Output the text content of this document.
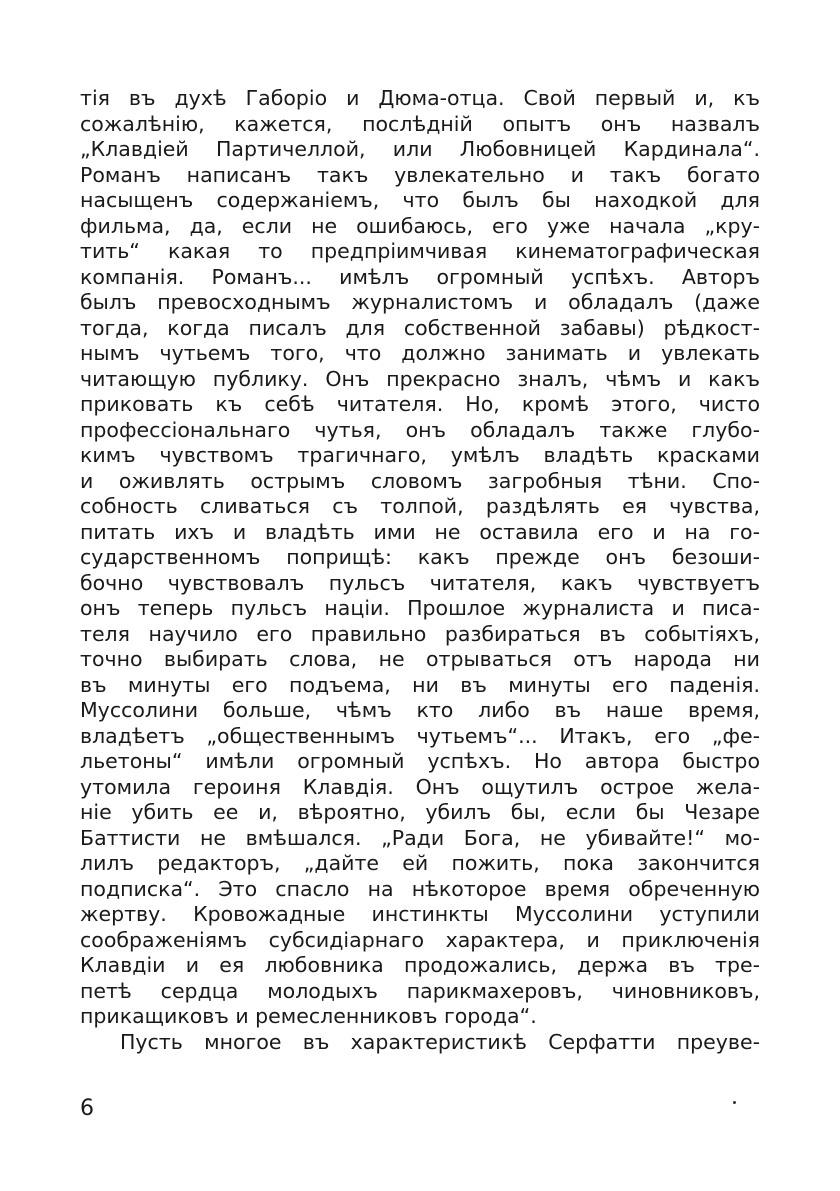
тія въ духѣ Габоріо и Дюма-отца. Свой первый и, къ
сожалѣнію, кажется, послѣдній опытъ онъ назвалъ
„Клавдіей Партичеллой, или Любовницей Кардинала“.
Романъ написанъ такъ увлекательно и такъ богато
насыщенъ содержаніемъ, что былъ бы находкой для
фильма, да, если не ошибаюсь, его уже начала „кру-
тить“ какая то предпріимчивая кинематографическая
компанія. Романъ... имѣлъ огромный успѣхъ. Авторъ
былъ превосходнымъ журналистомъ и обладалъ (даже
тогда, когда писалъ для собственной забавы) рѣдкост-
нымъ чутьемъ того, что должно занимать и увлекать
читающую публику. Онъ прекрасно зналъ, чѣмъ и какъ
приковать къ себѣ читателя. Но, кромѣ этого, чисто
профессіональнаго чутья, онъ обладалъ также глубо-
кимъ чувствомъ трагичнаго, умѣлъ владѣть красками
и оживлять острымъ словомъ загробныя тѣни. Спо-
собность сливаться съ толпой, раздѣлять ея чувства,
питать ихъ и владѣть ими не оставила его и на го-
сударственномъ поприщѣ: какъ прежде онъ безоши-
бочно чувствовалъ пульсъ читателя, какъ чувствуетъ
онъ теперь пульсъ націи. Прошлое журналиста и писа-
теля научило его правильно разбираться въ событіяхъ,
точно выбирать слова, не отрываться отъ народа ни
въ минуты его подъема, ни въ минуты его паденія.
Муссолини больше, чѣмъ кто либо въ наше время,
владѣетъ „общественнымъ чутьемъ“... Итакъ, его „фе-
льетоны“ имѣли огромный успѣхъ. Но автора быстро
утомила героиня Клавдія. Онъ ощутилъ острое жела-
ніе убить ее и, вѣроятно, убилъ бы, если бы Чезаре
Баттисти не вмѣшался. „Ради Бога, не убивайте!“ мо-
лилъ редакторъ, „дайте ей пожить, пока закончится
подписка“. Это спасло на нѣкоторое время обреченную
жертву. Кровожадные инстинкты Муссолини уступили
соображеніямъ субсидіарнаго характера, и приключенія
Клавдіи и ея любовника продожались, держа въ тре-
петѣ сердца молодыхъ парикмахеровъ, чиновниковъ,
прикащиковъ и ремесленниковъ города“.
Пусть многое въ характеристикѣ Серфатти преуве-
6
